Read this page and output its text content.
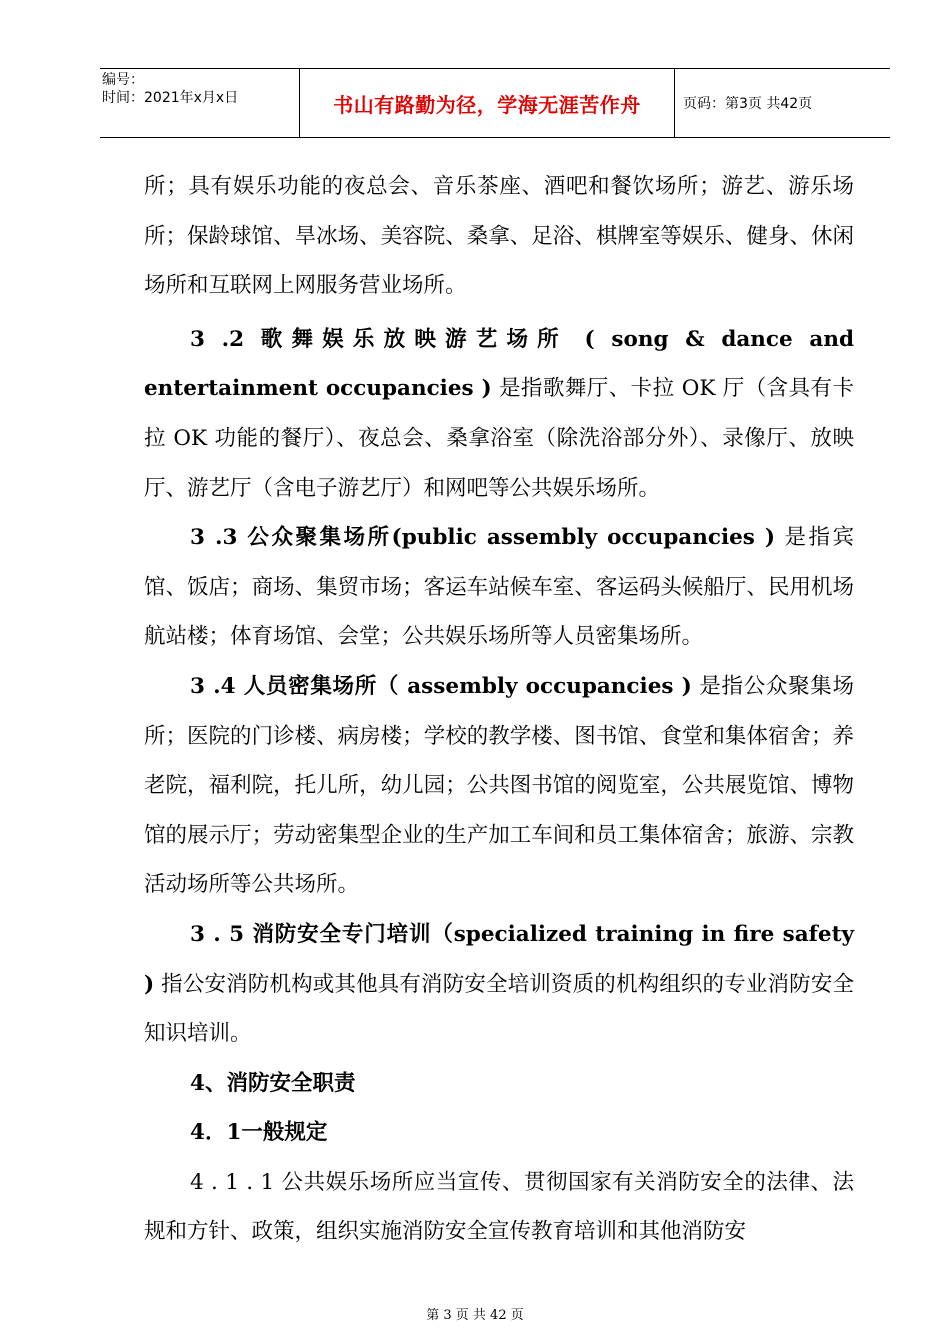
编号：
时间：2021年x月x日	书山有路勤为径，学海无涯苦作舟	页码：第3页 共42页

所；具有娱乐功能的夜总会、音乐茶座、酒吧和餐饮场所；游艺、游乐场所；保龄球馆、旱冰场、美容院、桑拿、足浴、棋牌室等娱乐、健身、休闲场所和互联网上网服务营业场所。

3 .2 歌舞娱乐放映游艺场所 ( song & dance and entertainment occupancies ) 是指歌舞厅、卡拉 OK 厅（含具有卡拉 OK 功能的餐厅）、夜总会、桑拿浴室（除洗浴部分外）、录像厅、放映厅、游艺厅（含电子游艺厅）和网吧等公共娱乐场所。

3 .3 公众聚集场所(public assembly occupancies ) 是指宾馆、饭店；商场、集贸市场；客运车站候车室、客运码头候船厅、民用机场航站楼；体育场馆、会堂；公共娱乐场所等人员密集场所。

3 .4 人员密集场所（ assembly occupancies ) 是指公众聚集场所；医院的门诊楼、病房楼；学校的教学楼、图书馆、食堂和集体宿舍；养老院，福利院，托儿所，幼儿园；公共图书馆的阅览室，公共展览馆、博物馆的展示厅；劳动密集型企业的生产加工车间和员工集体宿舍；旅游、宗教活动场所等公共场所。

3 . 5 消防安全专门培训（specialized training in fire safety ) 指公安消防机构或其他具有消防安全培训资质的机构组织的专业消防安全知识培训。

4、消防安全职责

4．1一般规定

4 . 1 . 1 公共娱乐场所应当宣传、贯彻国家有关消防安全的法律、法规和方针、政策，组织实施消防安全宣传教育培训和其他消防安

第 3 页 共 42 页
